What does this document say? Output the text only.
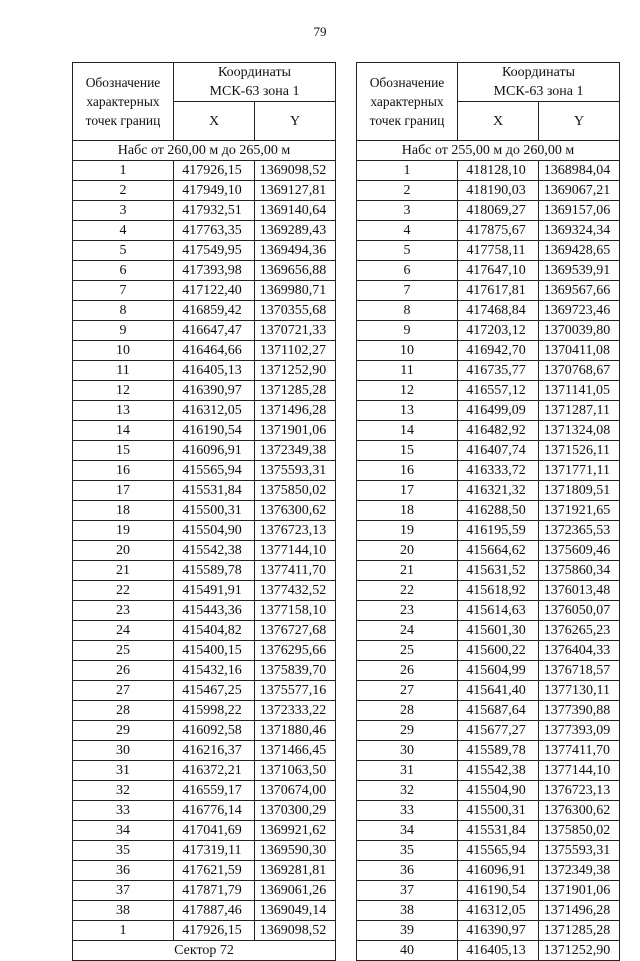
79
Обозначение
характерных
точек границ	Координаты
МСК-63 зона 1	
	X	Y
Набс от 260,00 м до 265,00 м		
1	417926,15	1369098,52
2	417949,10	1369127,81
3	417932,51	1369140,64
4	417763,35	1369289,43
5	417549,95	1369494,36
6	417393,98	1369656,88
7	417122,40	1369980,71
8	416859,42	1370355,68
9	416647,47	1370721,33
10	416464,66	1371102,27
11	416405,13	1371252,90
12	416390,97	1371285,28
13	416312,05	1371496,28
14	416190,54	1371901,06
15	416096,91	1372349,38
16	415565,94	1375593,31
17	415531,84	1375850,02
18	415500,31	1376300,62
19	415504,90	1376723,13
20	415542,38	1377144,10
21	415589,78	1377411,70
22	415491,91	1377432,52
23	415443,36	1377158,10
24	415404,82	1376727,68
25	415400,15	1376295,66
26	415432,16	1375839,70
27	415467,25	1375577,16
28	415998,22	1372333,22
29	416092,58	1371880,46
30	416216,37	1371466,45
31	416372,21	1371063,50
32	416559,17	1370674,00
33	416776,14	1370300,29
34	417041,69	1369921,62
35	417319,11	1369590,30
36	417621,59	1369281,81
37	417871,79	1369061,26
38	417887,46	1369049,14
1	417926,15	1369098,52
Сектор 72		
Обозначение
характерных
точек границ	Координаты
МСК-63 зона 1	
	X	Y
Набс от 255,00 м до 260,00 м		
1	418128,10	1368984,04
2	418190,03	1369067,21
3	418069,27	1369157,06
4	417875,67	1369324,34
5	417758,11	1369428,65
6	417647,10	1369539,91
7	417617,81	1369567,66
8	417468,84	1369723,46
9	417203,12	1370039,80
10	416942,70	1370411,08
11	416735,77	1370768,67
12	416557,12	1371141,05
13	416499,09	1371287,11
14	416482,92	1371324,08
15	416407,74	1371526,11
16	416333,72	1371771,11
17	416321,32	1371809,51
18	416288,50	1371921,65
19	416195,59	1372365,53
20	415664,62	1375609,46
21	415631,52	1375860,34
22	415618,92	1376013,48
23	415614,63	1376050,07
24	415601,30	1376265,23
25	415600,22	1376404,33
26	415604,99	1376718,57
27	415641,40	1377130,11
28	415687,64	1377390,88
29	415677,27	1377393,09
30	415589,78	1377411,70
31	415542,38	1377144,10
32	415504,90	1376723,13
33	415500,31	1376300,62
34	415531,84	1375850,02
35	415565,94	1375593,31
36	416096,91	1372349,38
37	416190,54	1371901,06
38	416312,05	1371496,28
39	416390,97	1371285,28
40	416405,13	1371252,90
